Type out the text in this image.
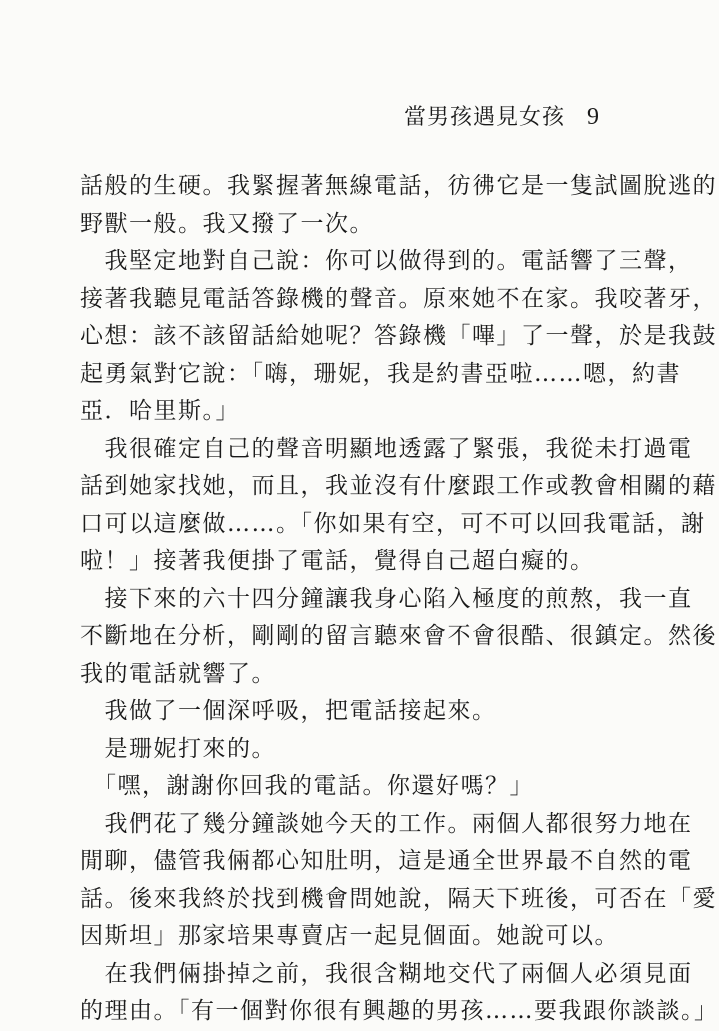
當男孩遇見女孩 9
話般的生硬。我緊握著無線電話，彷彿它是一隻試圖脫逃的
野獸一般。我又撥了一次。
　我堅定地對自己說：你可以做得到的。電話響了三聲，
接著我聽見電話答錄機的聲音。原來她不在家。我咬著牙，
心想：該不該留話給她呢？答錄機「嗶」了一聲，於是我鼓
起勇氣對它說：「嗨，珊妮，我是約書亞啦……嗯，約書
亞．哈里斯。」
　我很確定自己的聲音明顯地透露了緊張，我從未打過電
話到她家找她，而且，我並沒有什麼跟工作或教會相關的藉
口可以這麼做……。「你如果有空，可不可以回我電話，謝
啦！」接著我便掛了電話，覺得自己超白癡的。
　接下來的六十四分鐘讓我身心陷入極度的煎熬，我一直
不斷地在分析，剛剛的留言聽來會不會很酷、很鎮定。然後
我的電話就響了。
　我做了一個深呼吸，把電話接起來。
　是珊妮打來的。
　「嘿，謝謝你回我的電話。你還好嗎？」
　我們花了幾分鐘談她今天的工作。兩個人都很努力地在
閒聊，儘管我倆都心知肚明，這是通全世界最不自然的電
話。後來我終於找到機會問她說，隔天下班後，可否在「愛
因斯坦」那家培果專賣店一起見個面。她說可以。
　在我們倆掛掉之前，我很含糊地交代了兩個人必須見面
的理由。「有一個對你很有興趣的男孩……要我跟你談談。」
